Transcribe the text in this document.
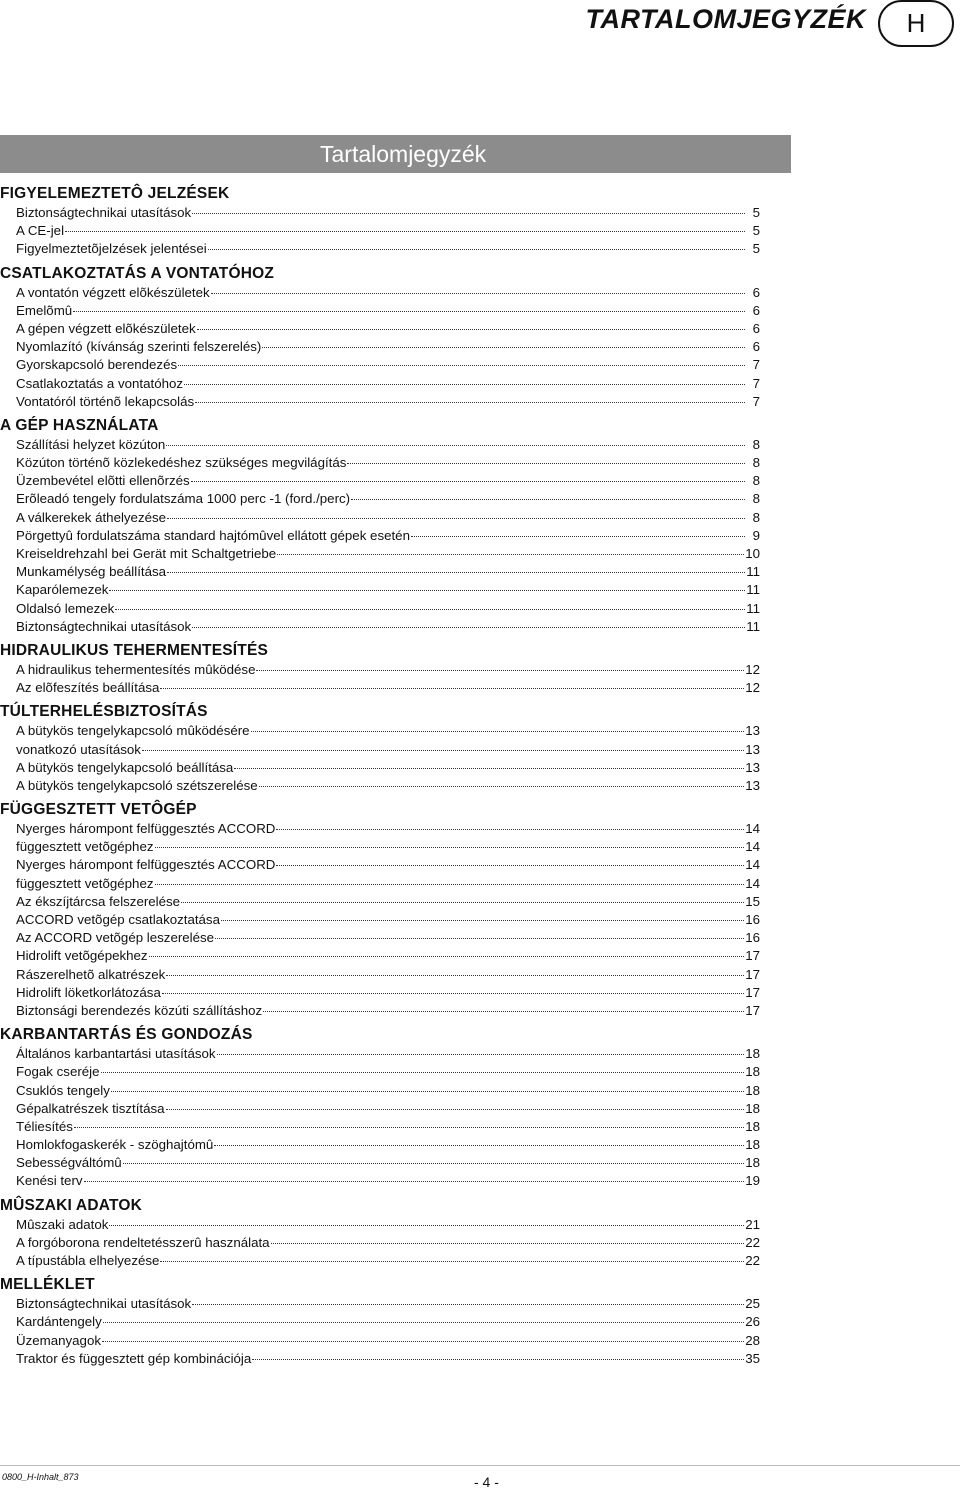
TARTALOMJEGYZÉK	H
Tartalomjegyzék
FIGYELEMEZTETÔ JELZÉSEK
Biztonságtechnikai utasítások	5
A CE-jel	5
Figyelmeztetõjelzések jelentései	5
CSATLAKOZTATÁS A VONTATÓHOZ
A vontatón végzett elõkészületek	6
Emelõmû	6
A gépen végzett elõkészületek	6
Nyomlazító (kívánság szerinti felszerelés)	6
Gyorskapcsoló berendezés	7
Csatlakoztatás a vontatóhoz	7
Vontatóról történõ lekapcsolás	7
A GÉP HASZNÁLATA
Szállítási helyzet közúton	8
Közúton történõ közlekedéshez szükséges megvilágítás	8
Üzembevétel elõtti ellenõrzés	8
Erõleadó tengely fordulatszáma 1000 perc -1 (ford./perc)	8
A válkerekek áthelyezése	8
Pörgettyû fordulatszáma standard hajtómûvel ellátott gépek esetén	9
Kreiseldrehzahl bei Gerät mit Schaltgetriebe	10
Munkamélység beállítása	11
Kaparólemezek	11
Oldalsó lemezek	11
Biztonságtechnikai utasítások	11
HIDRAULIKUS TEHERMENTESÍTÉS
A hidraulikus tehermentesítés mûködése	12
Az elõfeszítés beállítása	12
TÚLTERHELÉSBIZTOSÍTÁS
A bütykös tengelykapcsoló mûködésére	13
vonatkozó utasítások	13
A bütykös tengelykapcsoló beállítása	13
A bütykös tengelykapcsoló szétszerelése	13
FÜGGESZTETT VETÔGÉP
Nyerges hárompont felfüggesztés ACCORD	14
függesztett vetõgéphez	14
Nyerges hárompont felfüggesztés ACCORD	14
függesztett vetõgéphez	14
Az ékszíjtárcsa felszerelése	15
ACCORD vetõgép csatlakoztatása	16
Az ACCORD vetõgép leszerelése	16
Hidrolift vetõgépekhez	17
Rászerelhetõ alkatrészek	17
Hidrolift löketkorlátozása	17
Biztonsági berendezés közúti szállításhoz	17
KARBANTARTÁS ÉS GONDOZÁS
Általános karbantartási utasítások	18
Fogak cseréje	18
Csuklós tengely	18
Gépalkatrészek tisztítása	18
Téliesítés	18
Homlokfogaskerék - szöghajtómû	18
Sebességváltómû	18
Kenési terv	19
MÛSZAKI ADATOK
Mûszaki adatok	21
A forgóborona rendeltetésszerû használata	22
A típustábla elhelyezése	22
MELLÉKLET
Biztonságtechnikai utasítások	25
Kardántengely	26
Üzemanyagok	28
Traktor és függesztett gép kombinációja	35
0800_H-Inhalt_873	- 4 -
